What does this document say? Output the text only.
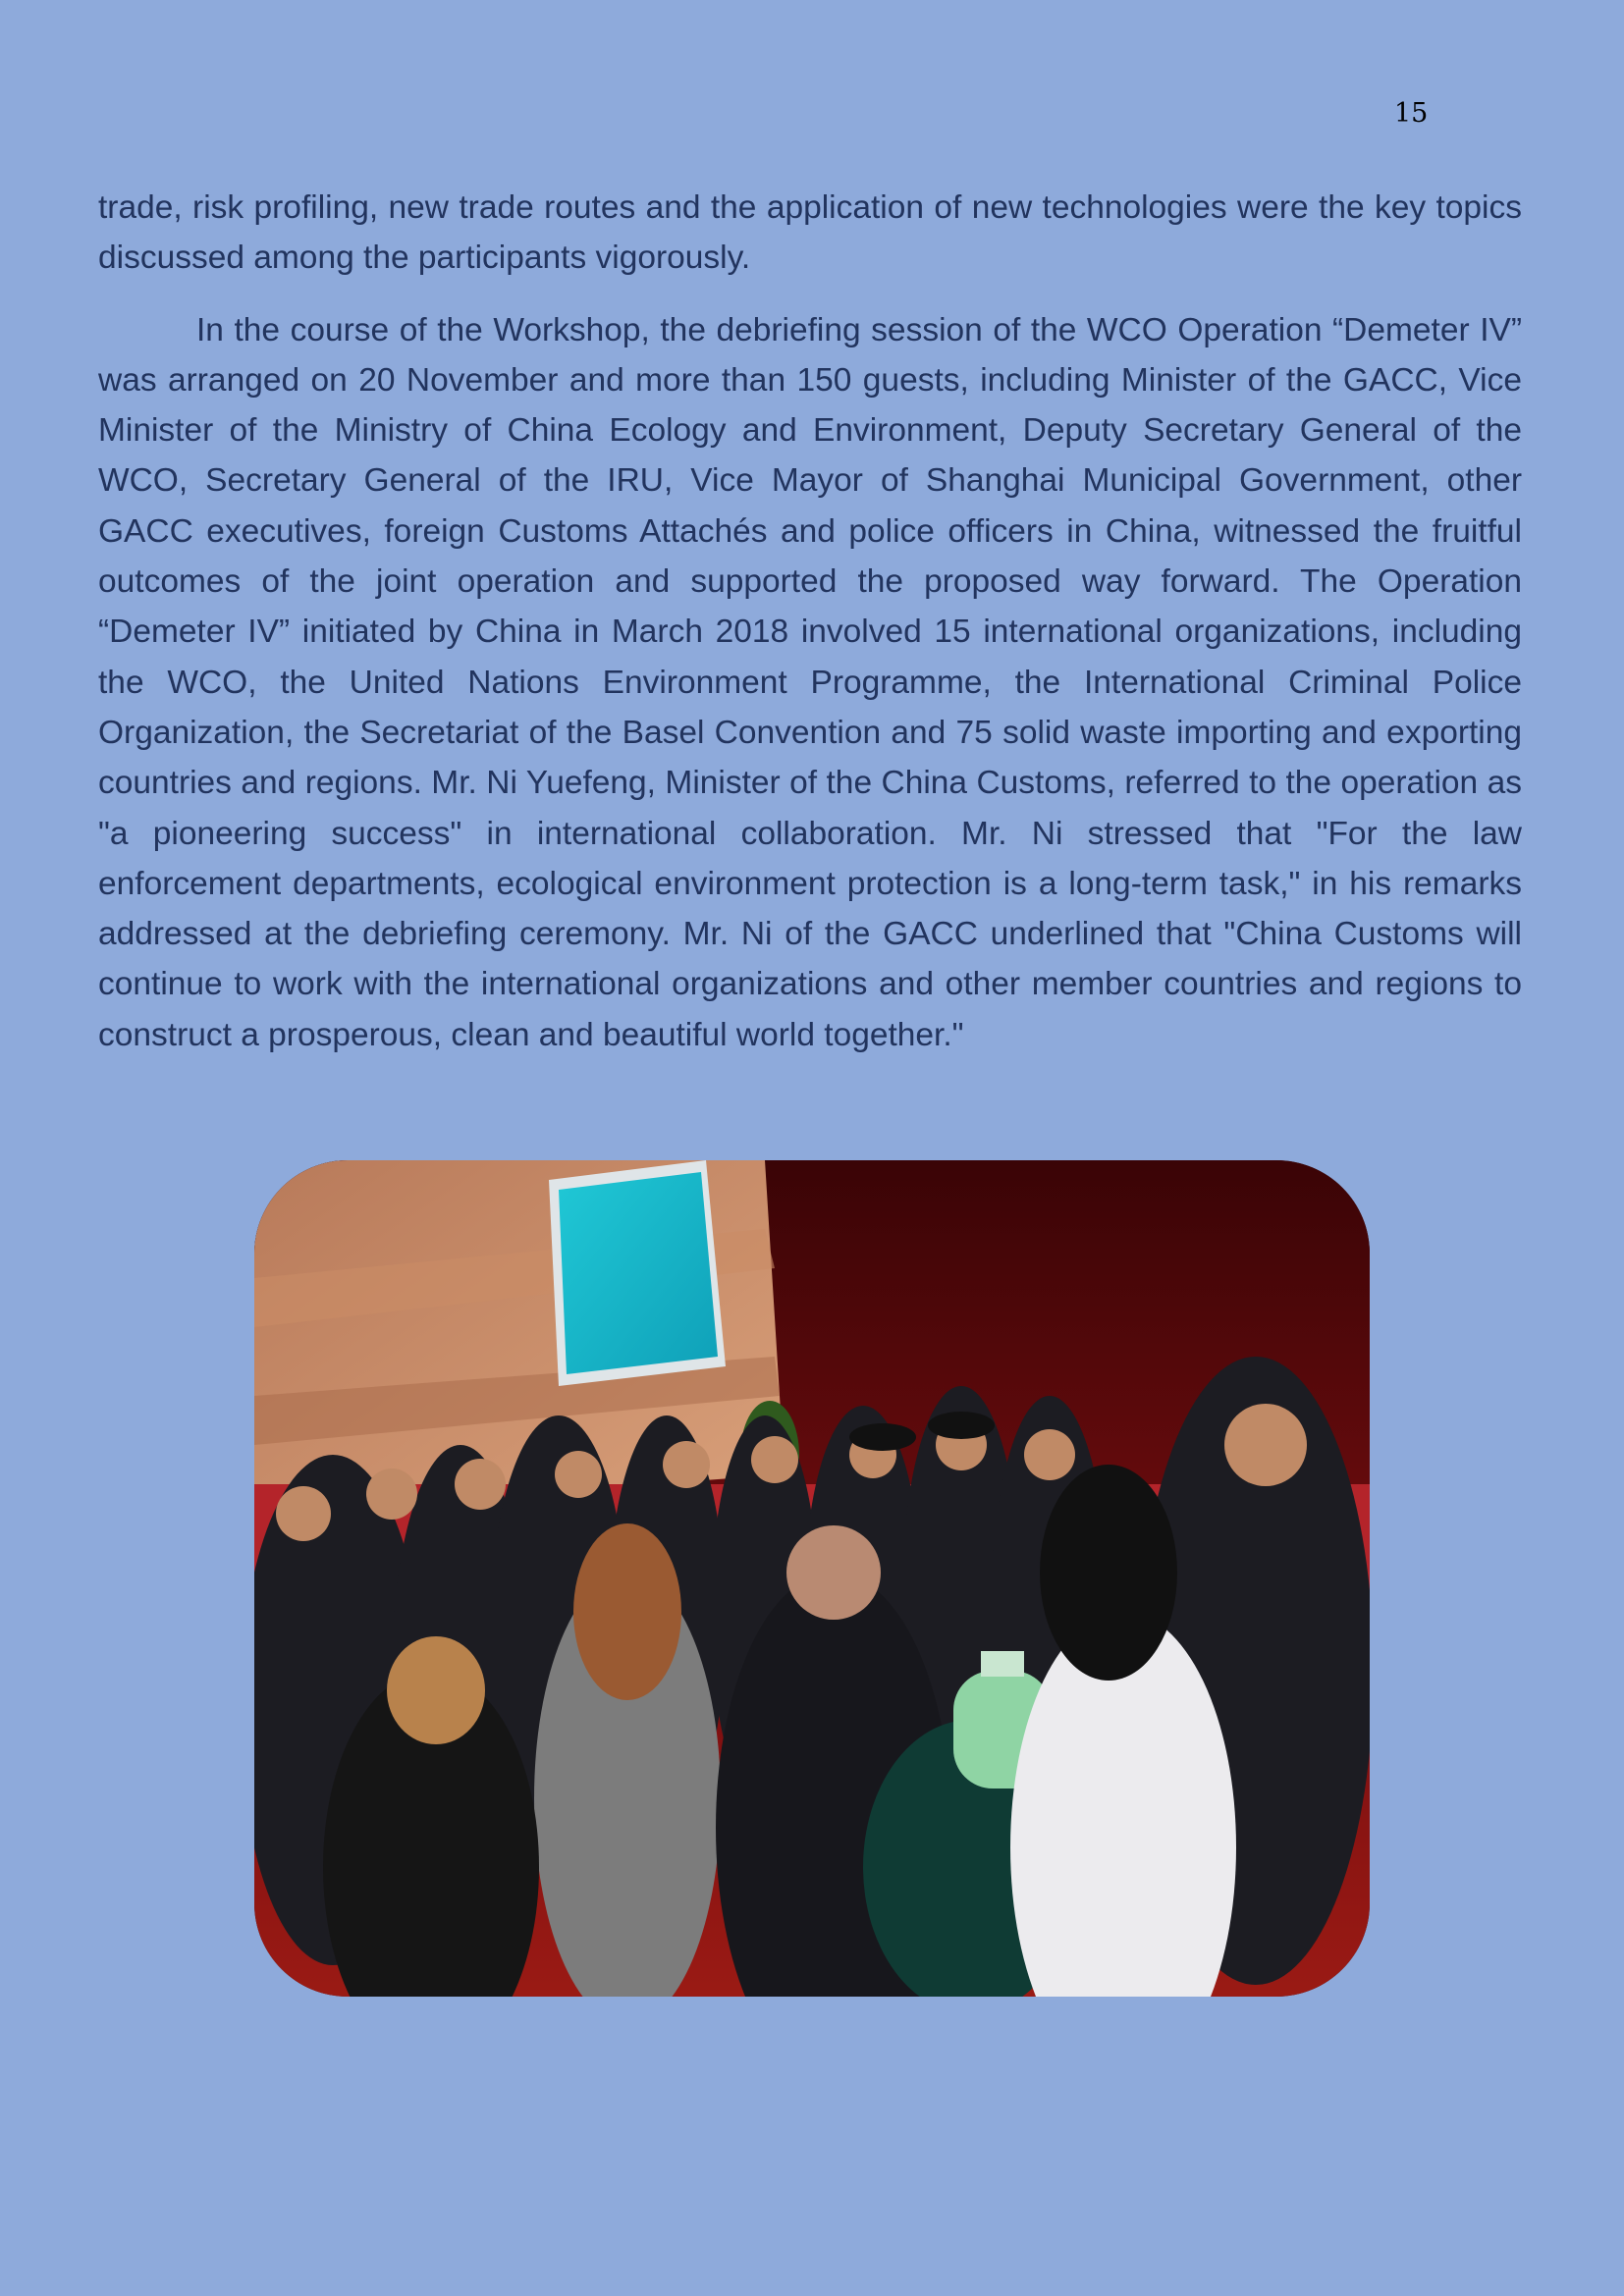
15

trade, risk profiling, new trade routes and the application of new technologies were the key topics discussed among the participants vigorously.

In the course of the Workshop, the debriefing session of the WCO Operation “Demeter IV” was arranged on 20 November and more than 150 guests, including Minister of the GACC, Vice Minister of the Ministry of China Ecology and Environment, Deputy Secretary General of the WCO, Secretary General of the IRU, Vice Mayor of Shanghai Municipal Government, other GACC executives, foreign Customs Attachés and police officers in China, witnessed the fruitful outcomes of the joint operation and supported the proposed way forward. The Operation “Demeter IV” initiated by China in March 2018 involved 15 international organizations, including the WCO, the United Nations Environment Programme, the International Criminal Police Organization, the Secretariat of the Basel Convention and 75 solid waste importing and exporting countries and regions. Mr. Ni Yuefeng, Minister of the China Customs, referred to the operation as "a pioneering success" in international collaboration. Mr. Ni stressed that "For the law enforcement departments, ecological environment protection is a long-term task," in his remarks addressed at the debriefing ceremony. Mr. Ni of the GACC underlined that "China Customs will continue to work with the international organizations and other member countries and regions to construct a prosperous, clean and beautiful world together."
